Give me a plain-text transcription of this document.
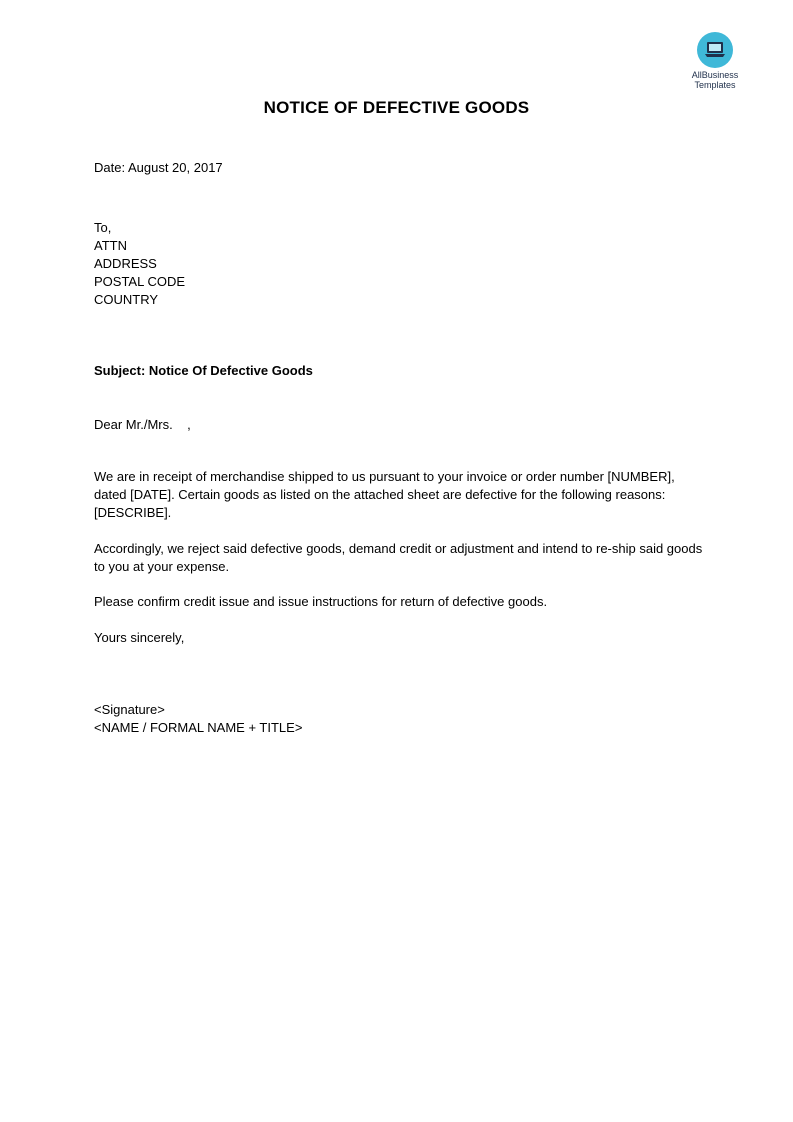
AllBusiness
Templates
NOTICE OF DEFECTIVE GOODS
Date: August 20, 2017
To,
ATTN
ADDRESS
POSTAL CODE
COUNTRY
Subject: Notice Of Defective Goods
Dear Mr./Mrs.    ,
We are in receipt of merchandise shipped to us pursuant to your invoice or order number [NUMBER], dated [DATE]. Certain goods as listed on the attached sheet are defective for the following reasons: [DESCRIBE].
Accordingly, we reject said defective goods, demand credit or adjustment and intend to re-ship said goods to you at your expense.
Please confirm credit issue and issue instructions for return of defective goods.
Yours sincerely,
<Signature>
<NAME / FORMAL NAME + TITLE>
